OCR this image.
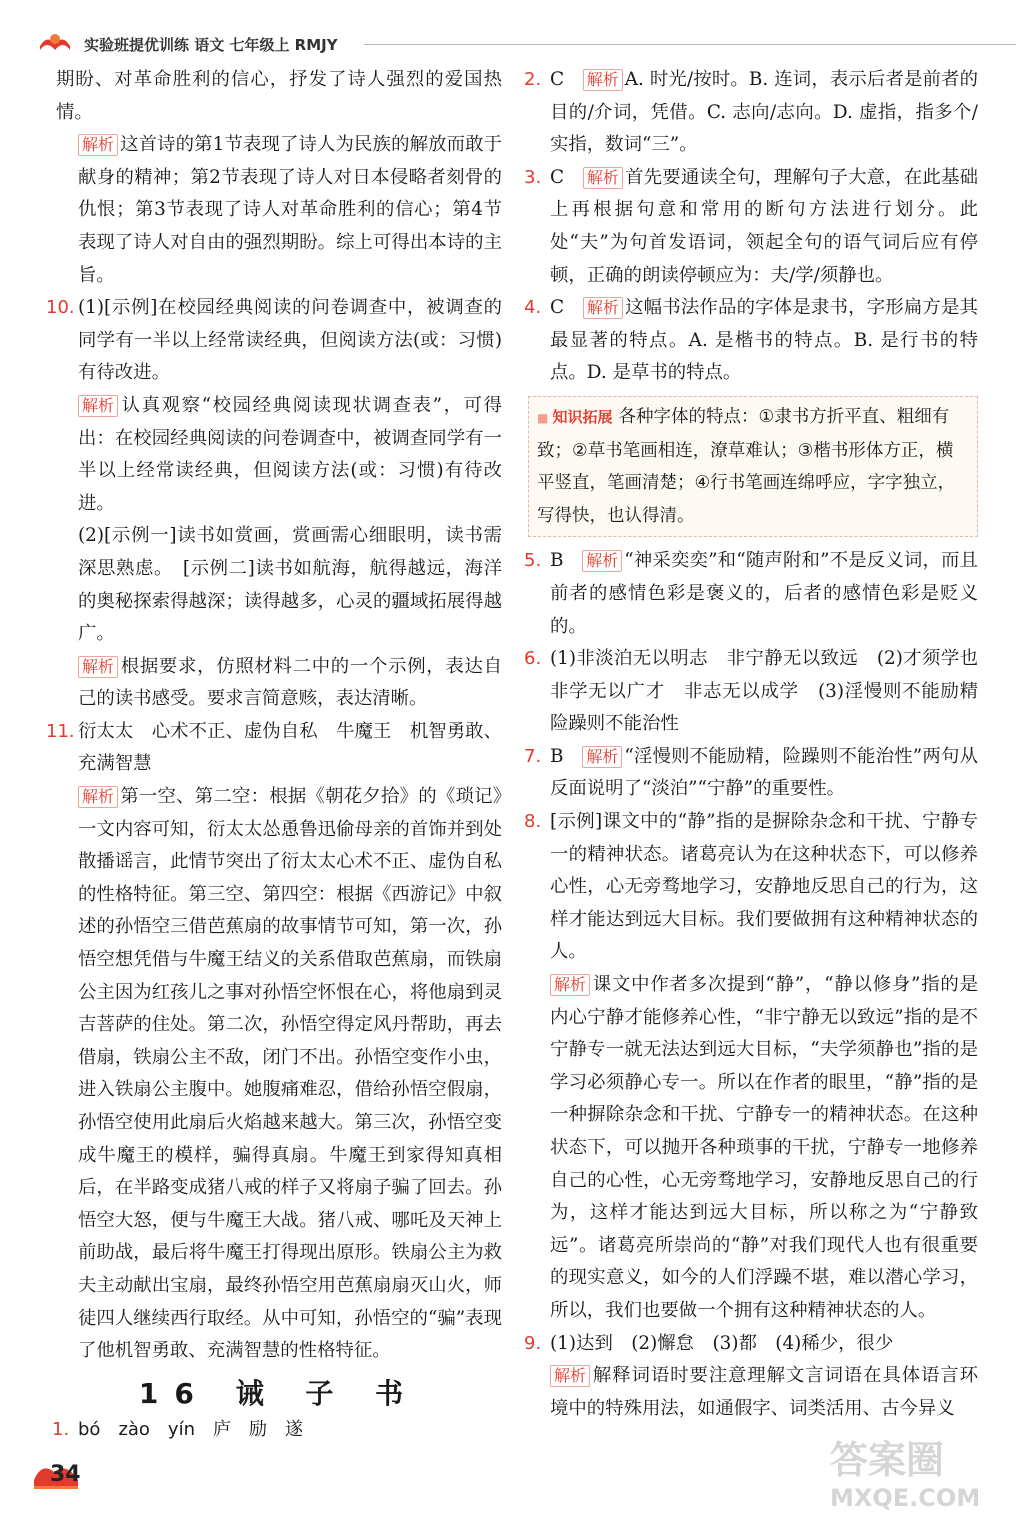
实验班提优训练 语文 七年级上 RMJY

期盼、对革命胜利的信心，抒发了诗人强烈的爱国热情。

解析 这首诗的第1节表现了诗人为民族的解放而敢于献身的精神；第2节表现了诗人对日本侵略者刻骨的仇恨；第3节表现了诗人对革命胜利的信心；第4节表现了诗人对自由的强烈期盼。综上可得出本诗的主旨。

10. (1)[示例]在校园经典阅读的问卷调查中，被调查的同学有一半以上经常读经典，但阅读方法(或：习惯)有待改进。

解析 认真观察“校园经典阅读现状调查表”，可得出：在校园经典阅读的问卷调查中，被调查同学有一半以上经常读经典，但阅读方法(或：习惯)有待改进。

(2)[示例一]读书如赏画，赏画需心细眼明，读书需深思熟虑。　[示例二]读书如航海，航得越远，海洋的奥秘探索得越深；读得越多，心灵的疆域拓展得越广。

解析 根据要求，仿照材料二中的一个示例，表达自己的读书感受。要求言简意赅，表达清晰。

11. 衍太太　心术不正、虚伪自私　牛魔王　机智勇敢、充满智慧

解析 第一空、第二空：根据《朝花夕拾》的《琐记》一文内容可知，衍太太怂恿鲁迅偷母亲的首饰并到处散播谣言，此情节突出了衍太太心术不正、虚伪自私的性格特征。第三空、第四空：根据《西游记》中叙述的孙悟空三借芭蕉扇的故事情节可知，第一次，孙悟空想凭借与牛魔王结义的关系借取芭蕉扇，而铁扇公主因为红孩儿之事对孙悟空怀恨在心，将他扇到灵吉菩萨的住处。第二次，孙悟空得定风丹帮助，再去借扇，铁扇公主不敌，闭门不出。孙悟空变作小虫，进入铁扇公主腹中。她腹痛难忍，借给孙悟空假扇，孙悟空使用此扇后火焰越来越大。第三次，孙悟空变成牛魔王的模样，骗得真扇。牛魔王到家得知真相后，在半路变成猪八戒的样子又将扇子骗了回去。孙悟空大怒，便与牛魔王大战。猪八戒、哪吒及天神上前助战，最后将牛魔王打得现出原形。铁扇公主为救夫主动献出宝扇，最终孙悟空用芭蕉扇扇灭山火，师徒四人继续西行取经。从中可知，孙悟空的“骗”表现了他机智勇敢、充满智慧的性格特征。

16 诫 子 书
1. bó　zào　yín　庐　励　遂

2. C　 解析 A. 时光/按时。B. 连词，表示后者是前者的目的/介词，凭借。C. 志向/志向。D. 虚指，指多个/实指，数词“三”。

3. C　 解析 首先要通读全句，理解句子大意，在此基础上再根据句意和常用的断句方法进行划分。此处“夫”为句首发语词，领起全句的语气词后应有停顿，正确的朗读停顿应为：夫/学/须静也。

4. C　 解析 这幅书法作品的字体是隶书，字形扁方是其最显著的特点。A. 是楷书的特点。B. 是行书的特点。D. 是草书的特点。

■ 知识拓展 各种字体的特点：①隶书方折平直、粗细有致；②草书笔画相连，潦草难认；③楷书形体方正，横平竖直，笔画清楚；④行书笔画连绵呼应，字字独立，写得快，也认得清。
5. B　 解析 “神采奕奕”和“随声附和”不是反义词，而且前者的感情色彩是褒义的，后者的感情色彩是贬义的。

6. (1)非淡泊无以明志　非宁静无以致远　(2)才须学也　非学无以广才　非志无以成学　(3)淫慢则不能励精　险躁则不能治性

7. B　 解析 “淫慢则不能励精，险躁则不能治性”两句从反面说明了“淡泊”“宁静”的重要性。

8. [示例]课文中的“静”指的是摒除杂念和干扰、宁静专一的精神状态。诸葛亮认为在这种状态下，可以修养心性，心无旁骛地学习，安静地反思自己的行为，这样才能达到远大目标。我们要做拥有这种精神状态的人。

解析 课文中作者多次提到“静”，“静以修身”指的是内心宁静才能修养心性，“非宁静无以致远”指的是不宁静专一就无法达到远大目标，“夫学须静也”指的是学习必须静心专一。所以在作者的眼里，“静”指的是一种摒除杂念和干扰、宁静专一的精神状态。在这种状态下，可以抛开各种琐事的干扰，宁静专一地修养自己的心性，心无旁骛地学习，安静地反思自己的行为，这样才能达到远大目标，所以称之为“宁静致远”。诸葛亮所崇尚的“静”对我们现代人也有很重要的现实意义，如今的人们浮躁不堪，难以潜心学习，所以，我们也要做一个拥有这种精神状态的人。

9. (1)达到　(2)懈怠　(3)都　(4)稀少，很少

解析 解释词语时要注意理解文言词语在具体语言环境中的特殊用法，如通假字、词类活用、古今异义

34	答案圈
MXQE.COM
